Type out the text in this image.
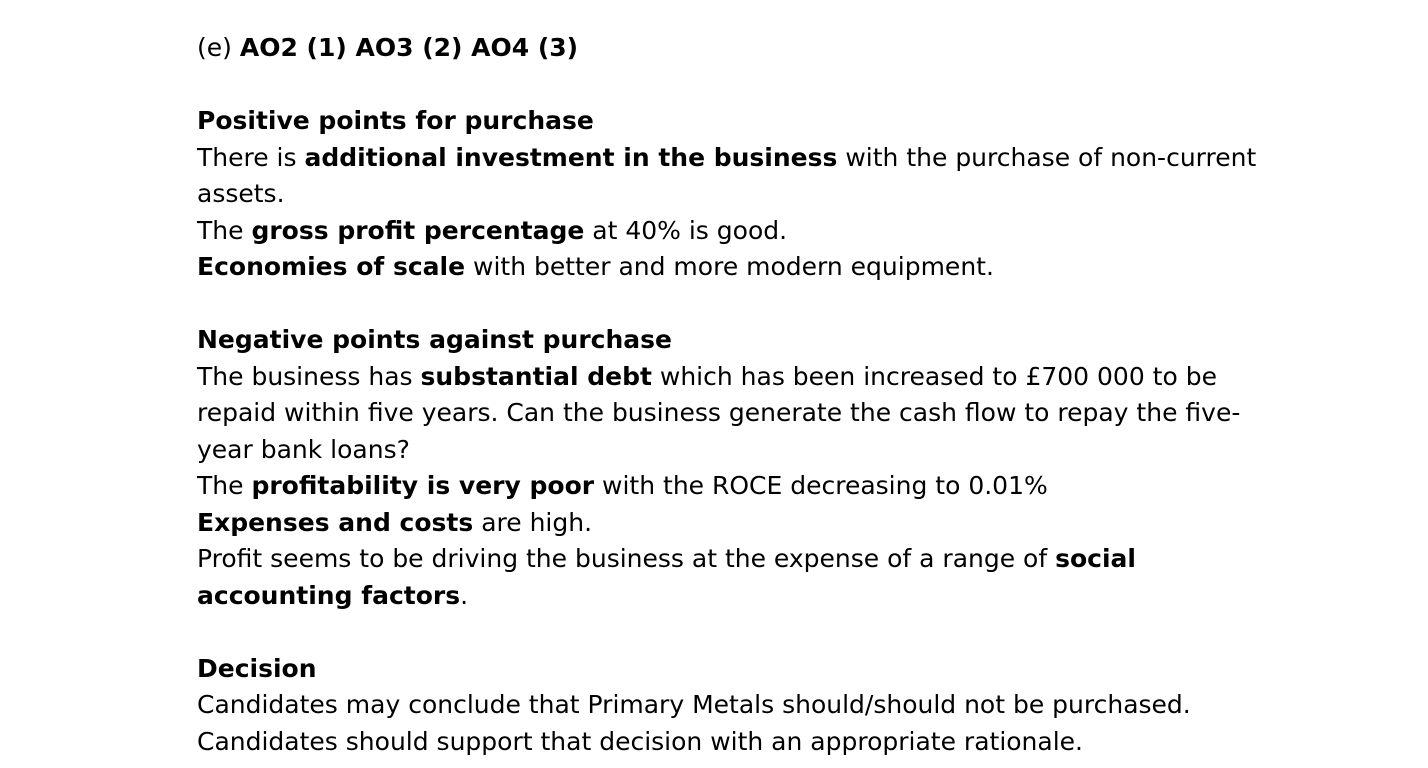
(e) AO2 (1) AO3 (2) AO4 (3)

Positive points for purchase

There is additional investment in the business with the purchase of non-current

assets.

The gross profit percentage at 40% is good.

Economies of scale with better and more modern equipment.

Negative points against purchase

The business has substantial debt which has been increased to £700 000 to be

repaid within five years. Can the business generate the cash flow to repay the five-

year bank loans?

The profitability is very poor with the ROCE decreasing to 0.01%

Expenses and costs are high.

Profit seems to be driving the business at the expense of a range of social

accounting factors.

Decision

Candidates may conclude that Primary Metals should/should not be purchased.

Candidates should support that decision with an appropriate rationale.
